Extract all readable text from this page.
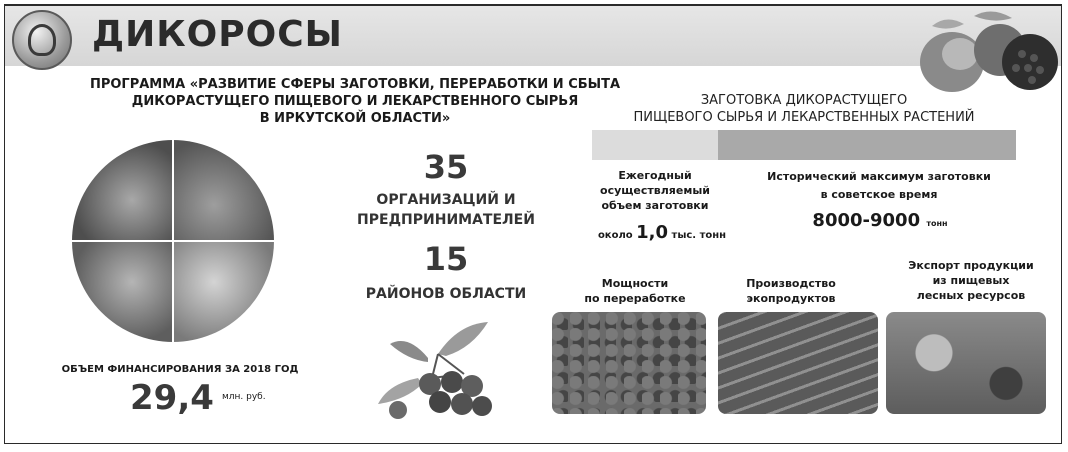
ДИКОРОСЫ
ПРОГРАММА «РАЗВИТИЕ СФЕРЫ ЗАГОТОВКИ, ПЕРЕРАБОТКИ И СБЫТА
ДИКОРАСТУЩЕГО ПИЩЕВОГО И ЛЕКАРСТВЕННОГО СЫРЬЯ
В ИРКУТСКОЙ ОБЛАСТИ»
ЗАГОТОВКА ДИКОРАСТУЩЕГО
ПИЩЕВОГО СЫРЬЯ И ЛЕКАРСТВЕННЫХ РАСТЕНИЙ
Ежегодный
осуществляемый
объем заготовки
около 1,0 тыс. тонн
Исторический максимум заготовки
в советское время
8000-9000 тонн
35
ОРГАНИЗАЦИЙ И
ПРЕДПРИНИМАТЕЛЕЙ
15
РАЙОНОВ ОБЛАСТИ
ОБЪЕМ ФИНАНСИРОВАНИЯ ЗА 2018 ГОД
29,4 млн. руб.
Мощности
по переработке
Производство
экопродуктов
Экспорт продукции
из пищевых
лесных ресурсов
